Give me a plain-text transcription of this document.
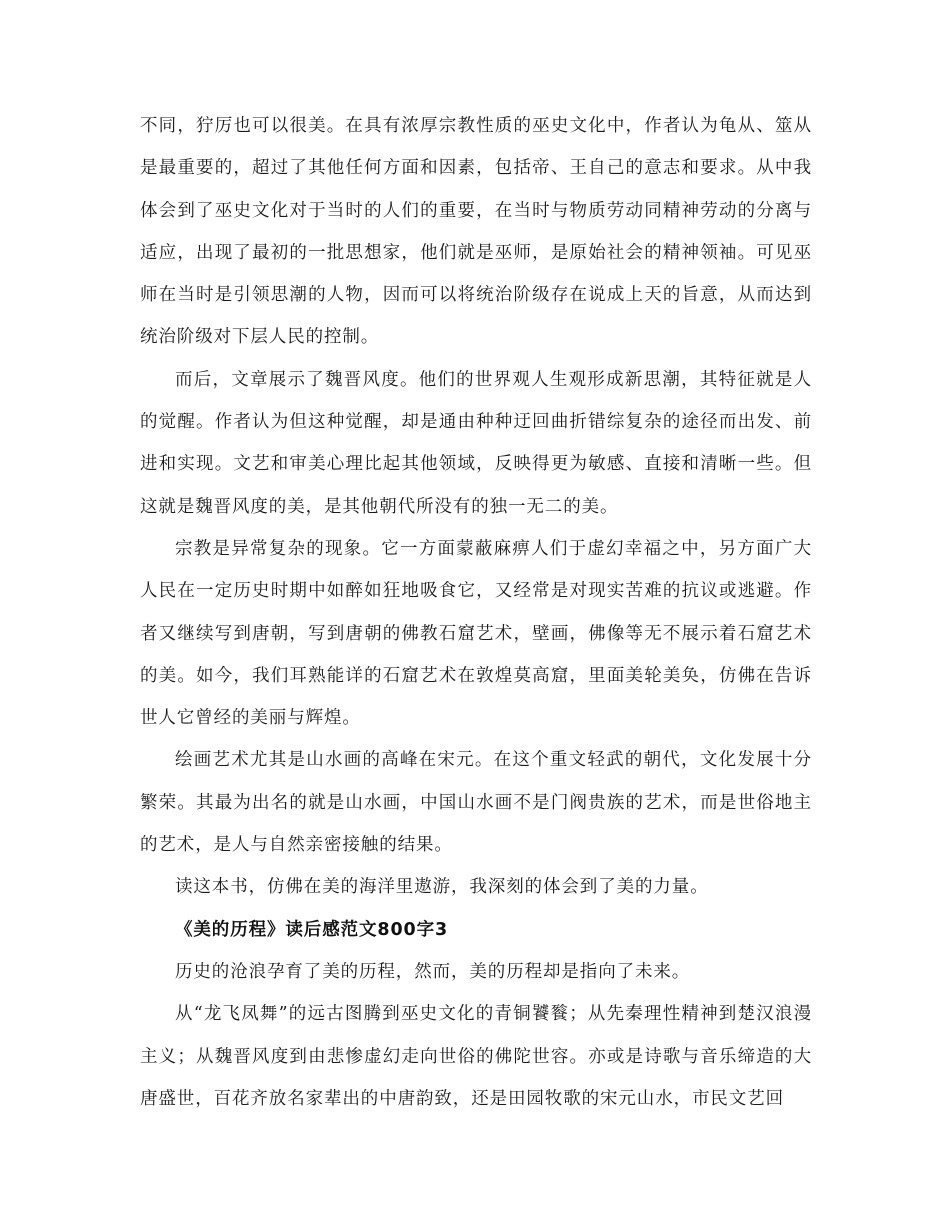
不同，狞厉也可以很美。在具有浓厚宗教性质的巫史文化中，作者认为龟从、筮从是最重要的，超过了其他任何方面和因素，包括帝、王自己的意志和要求。从中我体会到了巫史文化对于当时的人们的重要，在当时与物质劳动同精神劳动的分离与适应，出现了最初的一批思想家，他们就是巫师，是原始社会的精神领袖。可见巫师在当时是引领思潮的人物，因而可以将统治阶级存在说成上天的旨意，从而达到统治阶级对下层人民的控制。

而后，文章展示了魏晋风度。他们的世界观人生观形成新思潮，其特征就是人的觉醒。作者认为但这种觉醒，却是通由种种迂回曲折错综复杂的途径而出发、前进和实现。文艺和审美心理比起其他领域，反映得更为敏感、直接和清晰一些。但这就是魏晋风度的美，是其他朝代所没有的独一无二的美。

宗教是异常复杂的现象。它一方面蒙蔽麻痹人们于虚幻幸福之中，另方面广大人民在一定历史时期中如醉如狂地吸食它，又经常是对现实苦难的抗议或逃避。作者又继续写到唐朝，写到唐朝的佛教石窟艺术，壁画，佛像等无不展示着石窟艺术的美。如今，我们耳熟能详的石窟艺术在敦煌莫高窟，里面美轮美奂，仿佛在告诉世人它曾经的美丽与辉煌。

绘画艺术尤其是山水画的高峰在宋元。在这个重文轻武的朝代，文化发展十分繁荣。其最为出名的就是山水画，中国山水画不是门阀贵族的艺术，而是世俗地主的艺术，是人与自然亲密接触的结果。

读这本书，仿佛在美的海洋里遨游，我深刻的体会到了美的力量。

《美的历程》读后感范文800字3

历史的沧浪孕育了美的历程，然而，美的历程却是指向了未来。

从“龙飞凤舞”的远古图腾到巫史文化的青铜饕餮；从先秦理性精神到楚汉浪漫主义；从魏晋风度到由悲惨虚幻走向世俗的佛陀世容。亦或是诗歌与音乐缔造的大唐盛世，百花齐放名家辈出的中唐韵致，还是田园牧歌的宋元山水，市民文艺回
